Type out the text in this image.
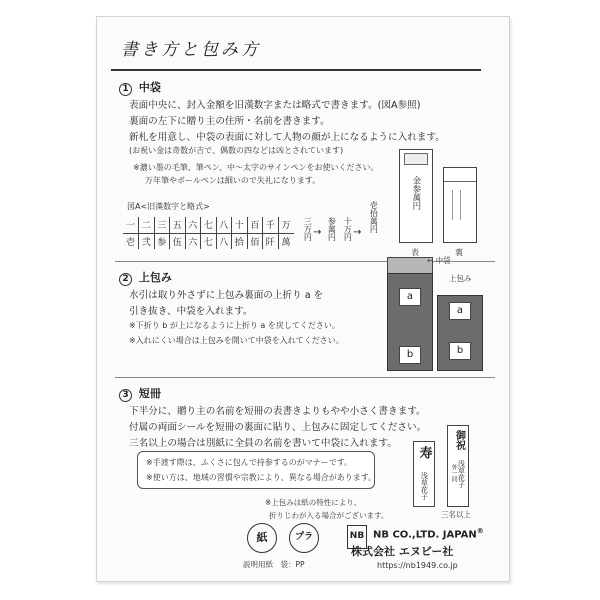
書き方と包み方
1 中袋
表面中央に、封入金額を旧漢数字または略式で書きます。(図A参照)
裏面の左下に贈り主の住所・名前を書きます。
新札を用意し、中袋の表面に対して人物の顔が上になるように入れます。
(お祝い金は奇数が吉で、偶数の四などは凶とされています)
※濃い墨の毛筆、筆ペン、中〜太字のサインペンをお使いください。
万年筆やボールペンは細いので失礼になります。
図A<旧漢数字と略式>
一	二	三	五	六	七	八	十	百	千	万
壱	弐	参	伍	六	七	八	拾	佰	阡	萬
三万円 → 参萬円 十万円 → 壱拾萬円
金参萬円
表	裏
2 上包み
水引は取り外さずに上包み裏面の上折り a を
引き抜き、中袋を入れます。
※下折り b が上になるように上折り a を戻してください。
※入れにくい場合は上包みを開いて中袋を入れてください。
a
b
← 中袋
上包み
a
b
3 短冊
下半分に、贈り主の名前を短冊の表書きよりもやや小さく書きます。
付属の両面シールを短冊の裏面に貼り、上包みに固定してください。
三名以上の場合は別紙に全員の名前を書いて中袋に入れます。
※手渡す際は、ふくさに包んで持参するのがマナーです。
※使い方は、地域の習慣や宗教により、異なる場合があります。
※上包みは紙の特性により、
折りじわが入る場合がございます。
寿
浅草花子
御祝
浅草花子
外一同
三名以上
紙	プラ
説明用紙　袋：PP
NB NB CO.,LTD. JAPAN®
株式会社 エヌビー社
https://nb1949.co.jp
